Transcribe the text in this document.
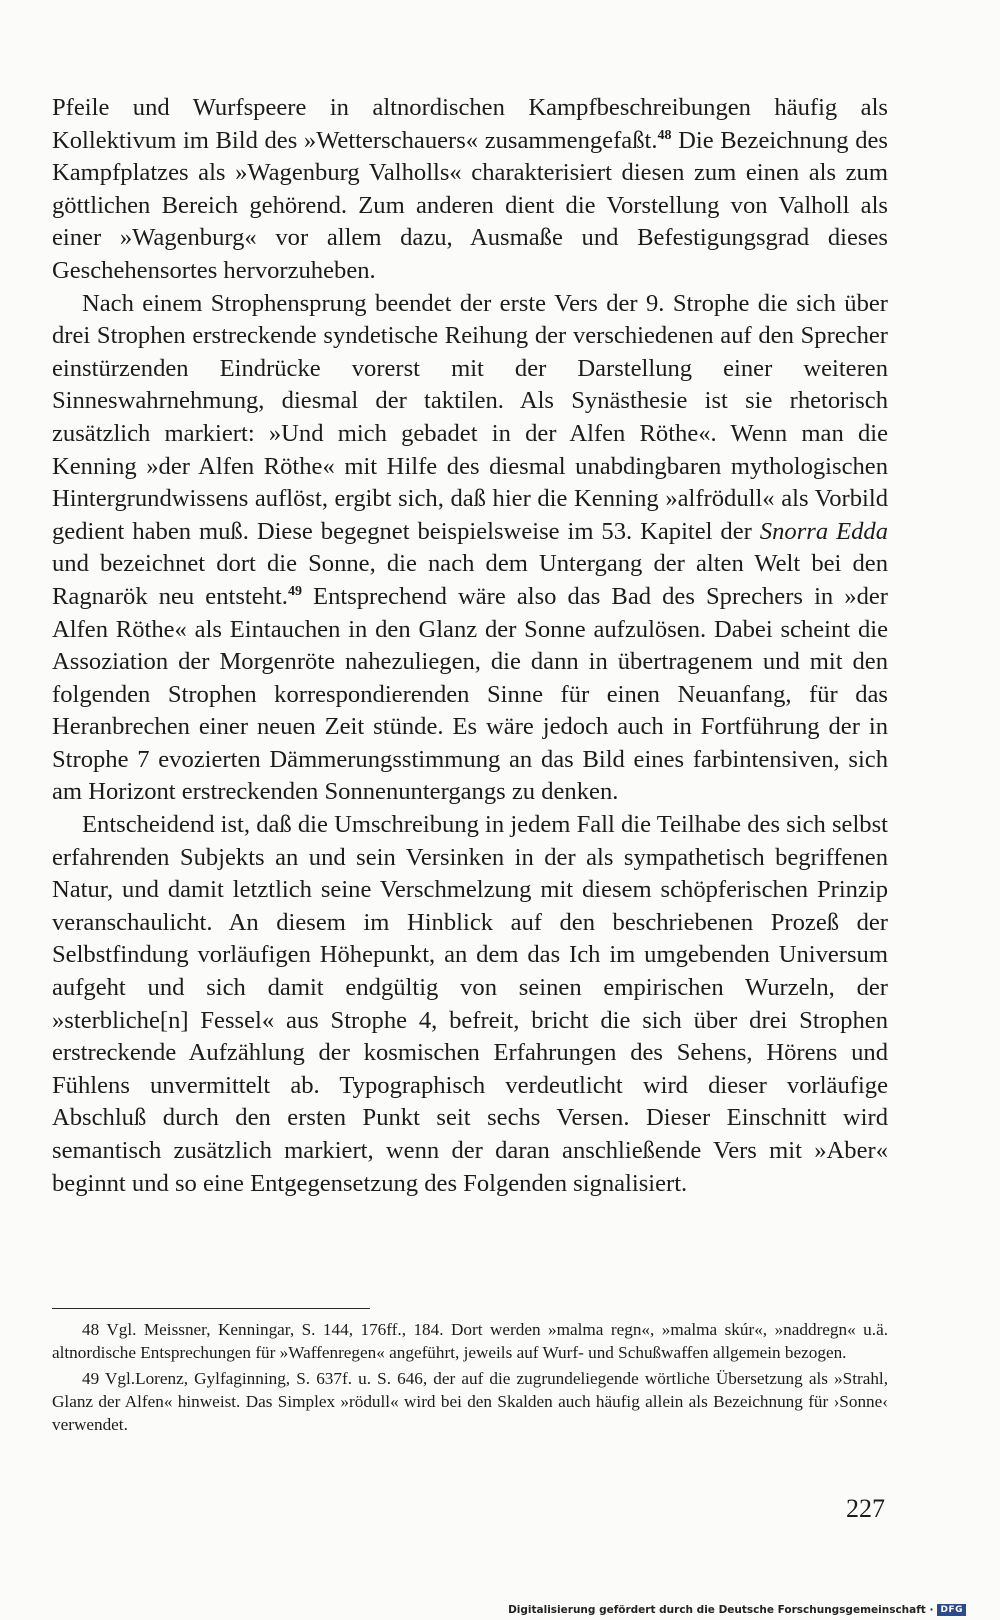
Pfeile und Wurfspeere in altnordischen Kampfbeschreibungen häufig als Kollektivum im Bild des »Wetterschauers« zusammengefaßt.$^{48}$ Die Bezeichnung des Kampfplatzes als »Wagenburg Valholls« charakterisiert diesen zum einen als zum göttlichen Bereich gehörend. Zum anderen dient die Vorstellung von Valholl als einer »Wagenburg« vor allem dazu, Ausmaße und Befestigungsgrad dieses Geschehensortes hervorzuheben.

Nach einem Strophensprung beendet der erste Vers der 9. Strophe die sich über drei Strophen erstreckende syndetische Reihung der verschiedenen auf den Sprecher einstürzenden Eindrücke vorerst mit der Darstellung einer weiteren Sinneswahrnehmung, diesmal der taktilen. Als Synästhesie ist sie rhetorisch zusätzlich markiert: »Und mich gebadet in der Alfen Röthe«. Wenn man die Kenning »der Alfen Röthe« mit Hilfe des diesmal unabdingbaren mythologischen Hintergrundwissens auflöst, ergibt sich, daß hier die Kenning »alfrödull« als Vorbild gedient haben muß. Diese begegnet beispielsweise im 53. Kapitel der Snorra Edda und bezeichnet dort die Sonne, die nach dem Untergang der alten Welt bei den Ragnarök neu entsteht.$^{49}$ Entsprechend wäre also das Bad des Sprechers in »der Alfen Röthe« als Eintauchen in den Glanz der Sonne aufzulösen. Dabei scheint die Assoziation der Morgenröte nahezuliegen, die dann in übertragenem und mit den folgenden Strophen korrespondierenden Sinne für einen Neuanfang, für das Heranbrechen einer neuen Zeit stünde. Es wäre jedoch auch in Fortführung der in Strophe 7 evozierten Dämmerungsstimmung an das Bild eines farbintensiven, sich am Horizont erstreckenden Sonnenuntergangs zu denken.

Entscheidend ist, daß die Umschreibung in jedem Fall die Teilhabe des sich selbst erfahrenden Subjekts an und sein Versinken in der als sympathetisch begriffenen Natur, und damit letztlich seine Verschmelzung mit diesem schöpferischen Prinzip veranschaulicht. An diesem im Hinblick auf den beschriebenen Prozeß der Selbstfindung vorläufigen Höhepunkt, an dem das Ich im umgebenden Universum aufgeht und sich damit endgültig von seinen empirischen Wurzeln, der »sterbliche[n] Fessel« aus Strophe 4, befreit, bricht die sich über drei Strophen erstreckende Aufzählung der kosmischen Erfahrungen des Sehens, Hörens und Fühlens unvermittelt ab. Typographisch verdeutlicht wird dieser vorläufige Abschluß durch den ersten Punkt seit sechs Versen. Dieser Einschnitt wird semantisch zusätzlich markiert, wenn der daran anschließende Vers mit »Aber« beginnt und so eine Entgegensetzung des Folgenden signalisiert.

48 Vgl. Meissner, Kenningar, S. 144, 176ff., 184. Dort werden »malma regn«, »malma skúr«, »naddregn« u.ä. altnordische Entsprechungen für »Waffenregen« angeführt, jeweils auf Wurf- und Schußwaffen allgemein bezogen.

49 Vgl.Lorenz, Gylfaginning, S. 637f. u. S. 646, der auf die zugrundeliegende wörtliche Übersetzung als »Strahl, Glanz der Alfen« hinweist. Das Simplex »rödull« wird bei den Skalden auch häufig allein als Bezeichnung für ›Sonne‹ verwendet.

227
Digitalisierung gefördert durch die Deutsche Forschungsgemeinschaft · DFG
